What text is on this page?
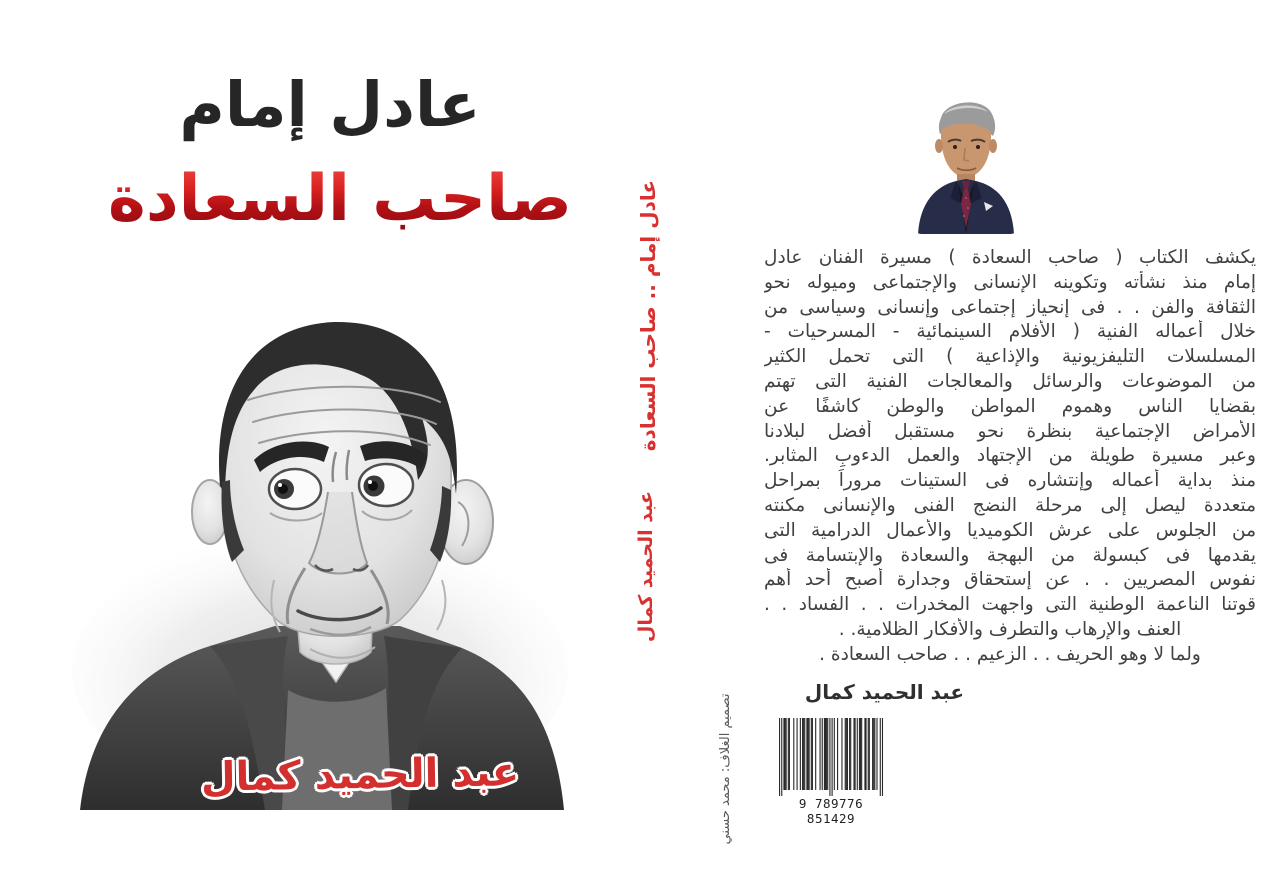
عادل إمام
صاحب السعادة
عبد الحميد كمال
عادل إمام .. صاحب السعادة
عبد الحميد كمال
تصميم الغلاف: محمد حسني
يكشف الكتاب ( صاحب السعادة ) مسيرة الفنان عادل
إمام منذ نشأته وتكوينه الإنسانى والإجتماعى وميوله نحو
الثقافة والفن . . فى إنحياز إجتماعى وإنسانى وسياسى من
خلال أعماله الفنية ( الأفلام السينمائية - المسرحيات -
المسلسلات التليفزيونية والإذاعية ) التى تحمل الكثير
من الموضوعات والرسائل والمعالجات الفنية التى تهتم
بقضايا الناس وهموم المواطن والوطن كاشفًا عن
الأمراض الإجتماعية بنظرة نحو مستقبل أفضل لبلادنا
وعبر مسيرة طويلة من الإجتهاد والعمل الدءوبِ المثابر.
منذ بداية أعماله وإنتشاره فى الستينات مروراً بمراحل
متعددة ليصل إلى مرحلة النضج الفنى والإنسانى مكنته
من الجلوس على عرش الكوميديا والأعمال الدرامية التى
يقدمها فى كبسولة من البهجة والسعادة والإبتسامة فى
نفوس المصريين . . عن إستحقاق وجدارة أصبح أحد أهم
قوتنا الناعمة الوطنية التى واجهت المخدرات . . الفساد . .
العنف والإرهاب والتطرف والأفكار الظلامية. .
ولما لا وهو الحريف . . الزعيم . . صاحب السعادة .
عبد الحميد كمال
9 789776 851429
